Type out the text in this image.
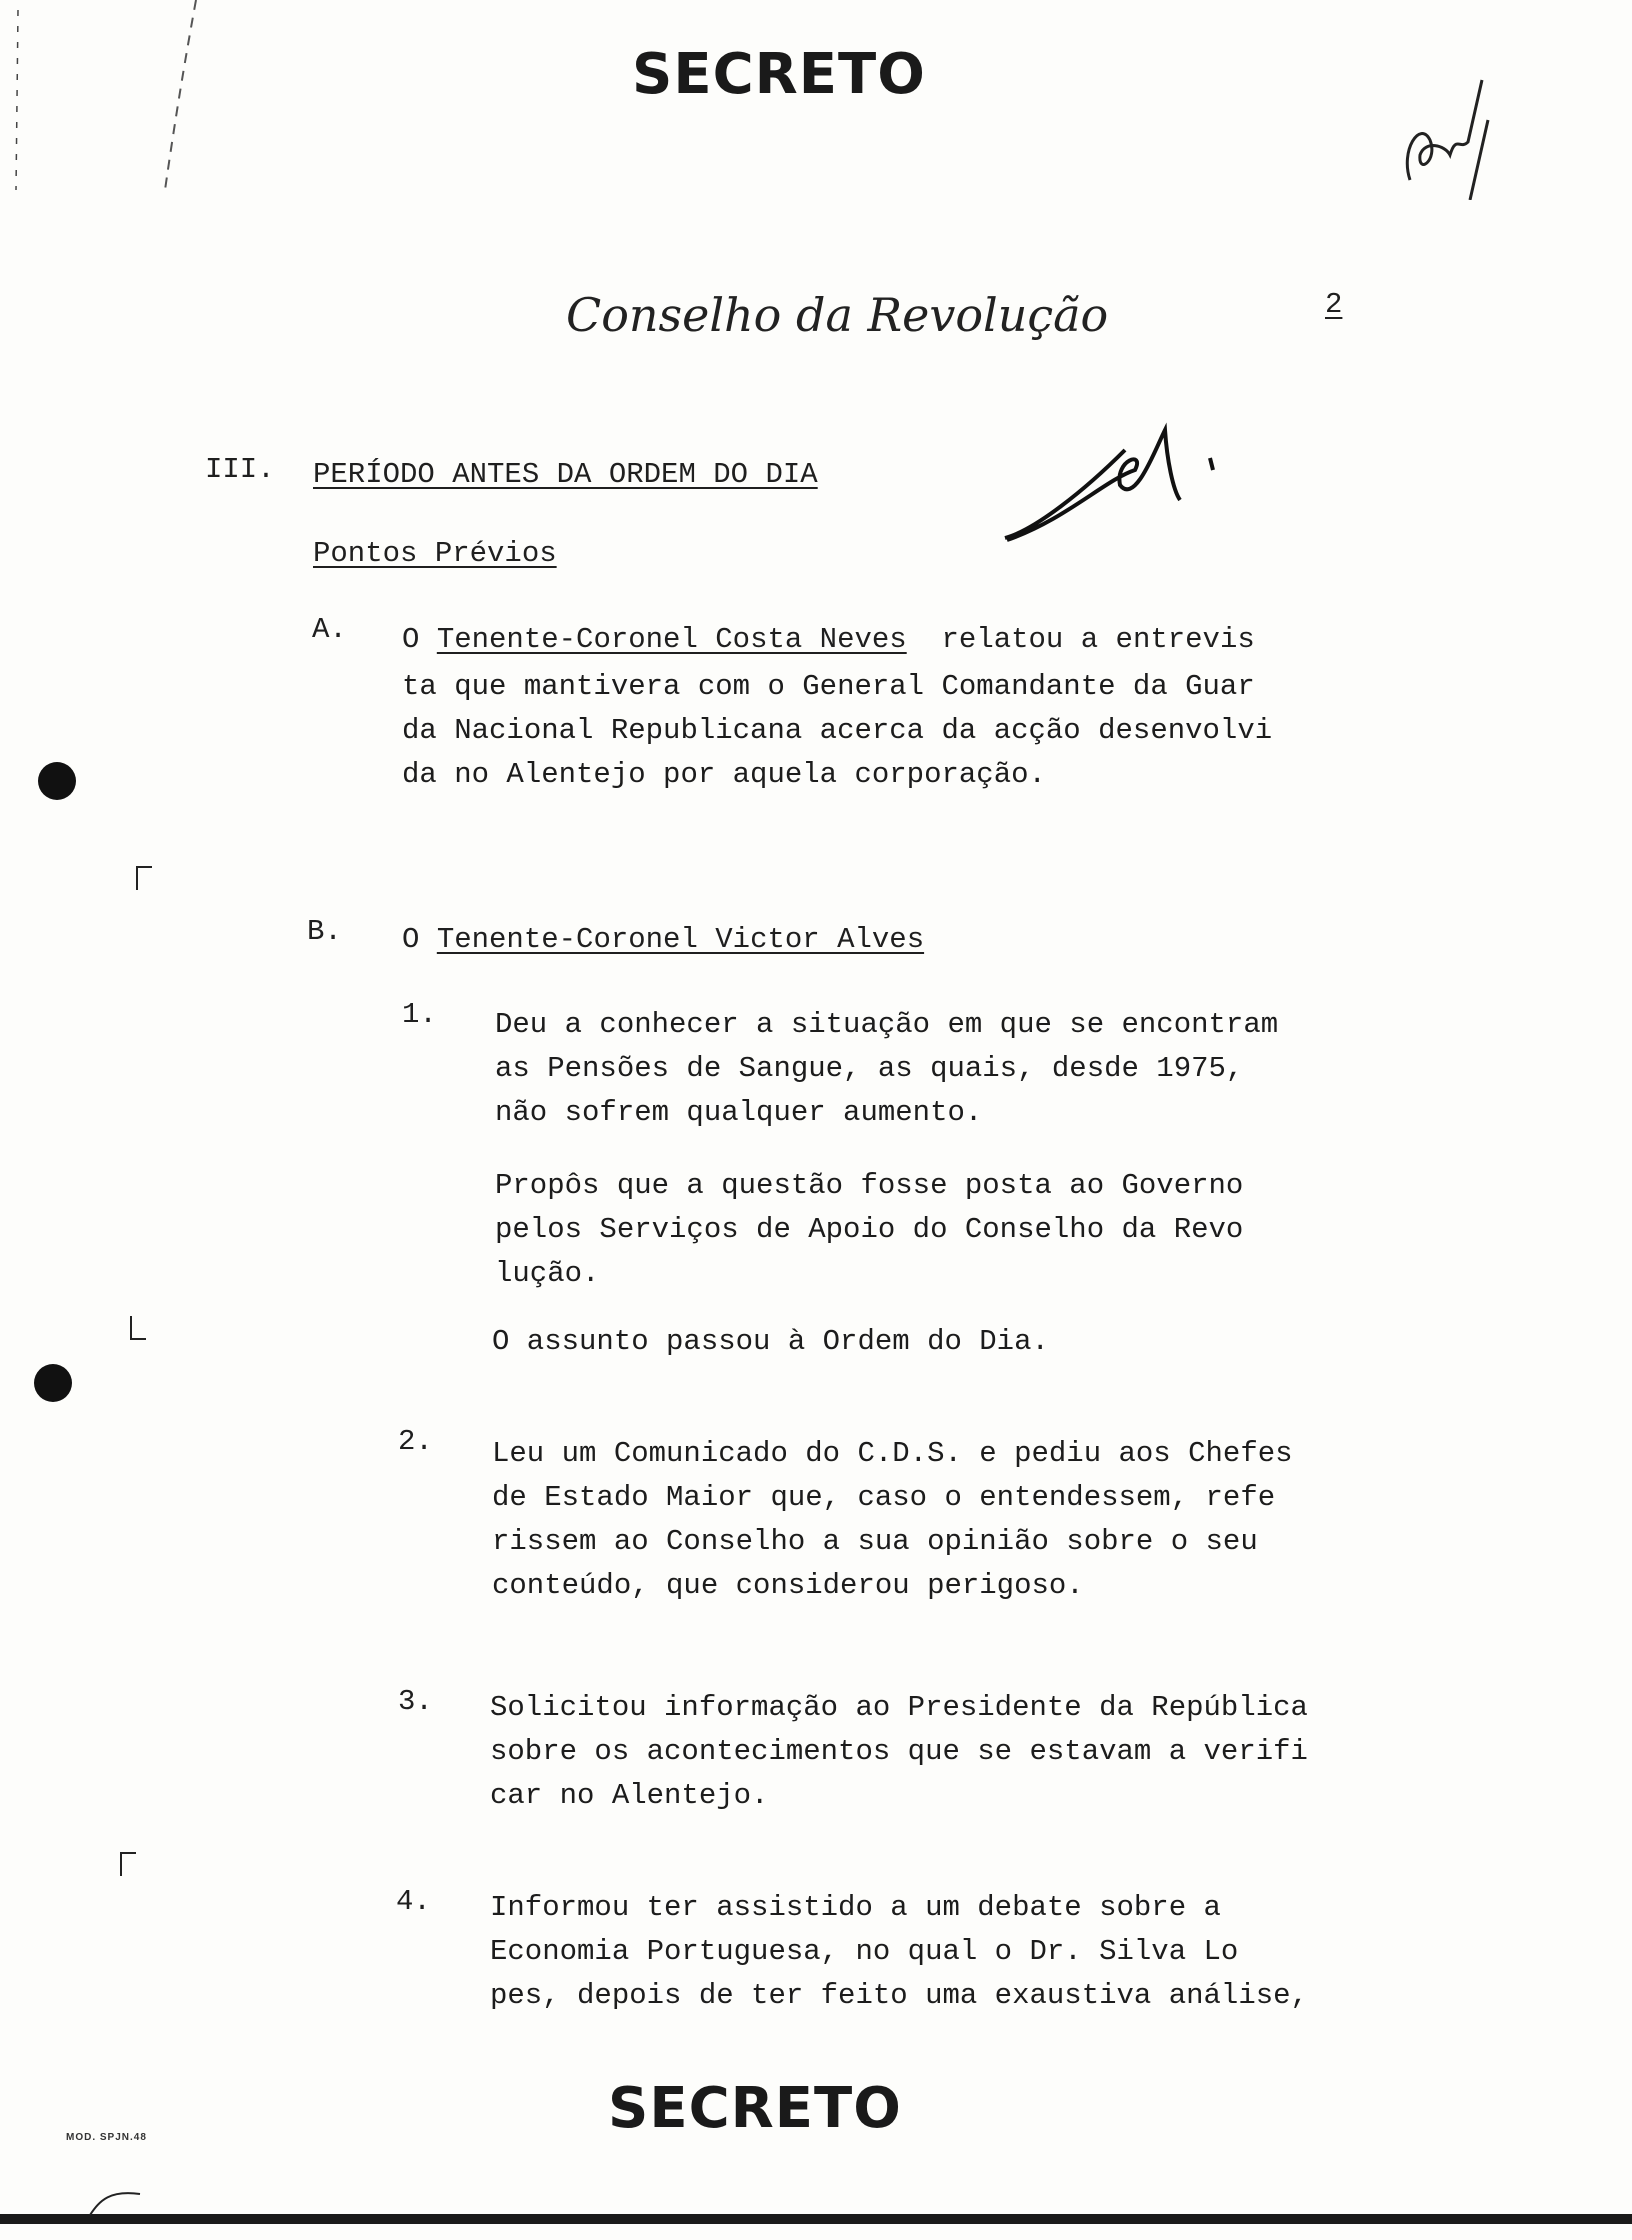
SECRETO
Conselho da Revolução	2
III. PERÍODO ANTES DA ORDEM DO DIA
Pontos Prévios
A. O Tenente-Coronel Costa Neves relatou a entrevis
ta que mantivera com o General Comandante da Guar
da Nacional Republicana acerca da acção desenvolvi
da no Alentejo por aquela corporação.
B. O Tenente-Coronel Victor Alves
1. Deu a conhecer a situação em que se encontram
as Pensões de Sangue, as quais, desde 1975,
não sofrem qualquer aumento.
Propôs que a questão fosse posta ao Governo
pelos Serviços de Apoio do Conselho da Revo
lução.
O assunto passou à Ordem do Dia.
2. Leu um Comunicado do C.D.S. e pediu aos Chefes
de Estado Maior que, caso o entendessem, refe
rissem ao Conselho a sua opinião sobre o seu
conteúdo, que considerou perigoso.
3. Solicitou informação ao Presidente da República
sobre os acontecimentos que se estavam a verifi
car no Alentejo.
4. Informou ter assistido a um debate sobre a
Economia Portuguesa, no qual o Dr. Silva Lo
pes, depois de ter feito uma exaustiva análise,
SECRETO
MOD. SPJN.48
